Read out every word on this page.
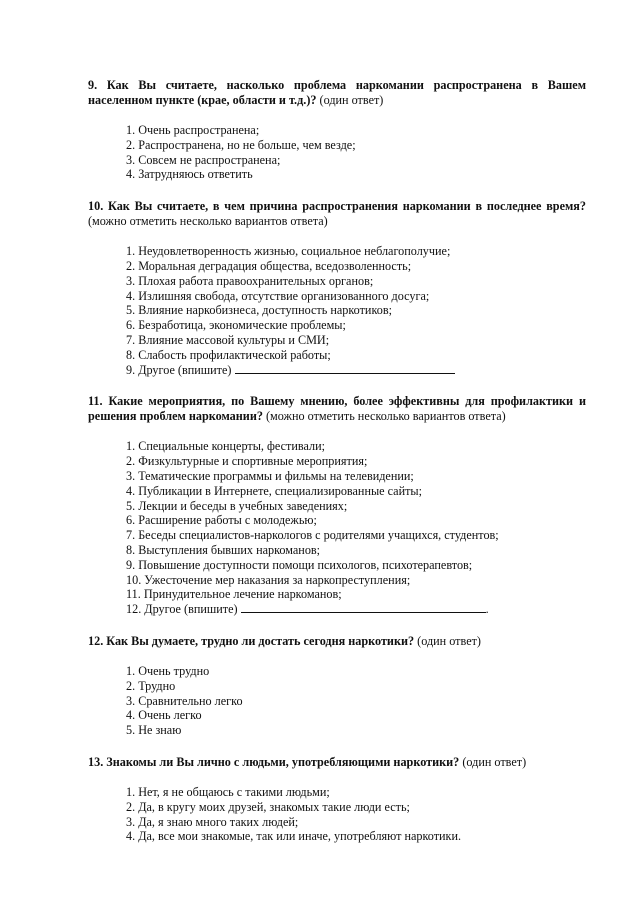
9. Как Вы считаете, насколько проблема наркомании распространена в Вашем населенном пункте (крае, области и т.д.)? (один ответ)

1. Очень распространена;
2. Распространена, но не больше, чем везде;
3. Совсем не распространена;
4. Затрудняюсь ответить

10. Как Вы считаете, в чем причина распространения наркомании в последнее время? (можно отметить несколько вариантов ответа)

1. Неудовлетворенность жизнью, социальное неблагополучие;
2. Моральная деградация общества, вседозволенность;
3. Плохая работа правоохранительных органов;
4. Излишняя свобода, отсутствие организованного досуга;
5. Влияние наркобизнеса, доступность наркотиков;
6. Безработица, экономические проблемы;
7. Влияние массовой культуры и СМИ;
8. Слабость профилактической работы;
9. Другое (впишите)

11. Какие мероприятия, по Вашему мнению, более эффективны для профилактики и решения проблем наркомании? (можно отметить несколько вариантов ответа)

1. Специальные концерты, фестивали;
2. Физкультурные и спортивные мероприятия;
3. Тематические программы и фильмы на телевидении;
4. Публикации в Интернете, специализированные сайты;
5. Лекции и беседы в учебных заведениях;
6. Расширение работы с молодежью;
7. Беседы специалистов-наркологов с родителями учащихся, студентов;
8. Выступления бывших наркоманов;
9. Повышение доступности помощи психологов, психотерапевтов;
10. Ужесточение мер наказания за наркопреступления;
11. Принудительное лечение наркоманов;
12. Другое (впишите)	.

12. Как Вы думаете, трудно ли достать сегодня наркотики? (один ответ)

1. Очень трудно
2. Трудно
3. Сравнительно легко
4. Очень легко
5. Не знаю

13. Знакомы ли Вы лично с людьми, употребляющими наркотики? (один ответ)

1. Нет, я не общаюсь с такими людьми;
2. Да, в кругу моих друзей, знакомых такие люди есть;
3. Да, я знаю много таких людей;
4. Да, все мои знакомые, так или иначе, употребляют наркотики.
